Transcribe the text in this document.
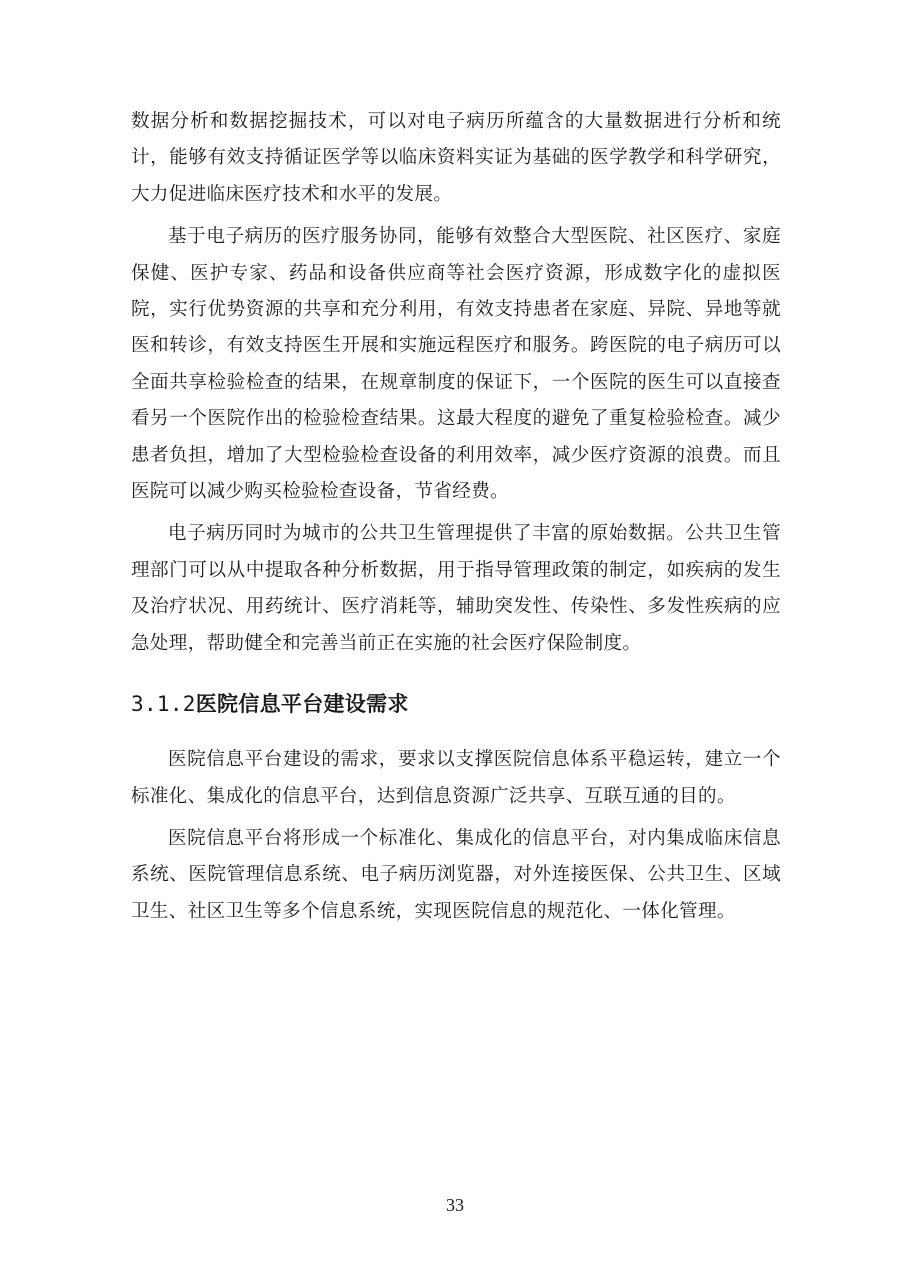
数据分析和数据挖掘技术，可以对电子病历所蕴含的大量数据进行分析和统计，能够有效支持循证医学等以临床资料实证为基础的医学教学和科学研究，大力促进临床医疗技术和水平的发展。

基于电子病历的医疗服务协同，能够有效整合大型医院、社区医疗、家庭保健、医护专家、药品和设备供应商等社会医疗资源，形成数字化的虚拟医院，实行优势资源的共享和充分利用，有效支持患者在家庭、异院、异地等就医和转诊，有效支持医生开展和实施远程医疗和服务。跨医院的电子病历可以全面共享检验检查的结果，在规章制度的保证下，一个医院的医生可以直接查看另一个医院作出的检验检查结果。这最大程度的避免了重复检验检查。减少患者负担，增加了大型检验检查设备的利用效率，减少医疗资源的浪费。而且医院可以减少购买检验检查设备，节省经费。

电子病历同时为城市的公共卫生管理提供了丰富的原始数据。公共卫生管理部门可以从中提取各种分析数据，用于指导管理政策的制定，如疾病的发生及治疗状况、用药统计、医疗消耗等，辅助突发性、传染性、多发性疾病的应急处理，帮助健全和完善当前正在实施的社会医疗保险制度。

3.1.2医院信息平台建设需求

医院信息平台建设的需求，要求以支撑医院信息体系平稳运转，建立一个标准化、集成化的信息平台，达到信息资源广泛共享、互联互通的目的。

医院信息平台将形成一个标准化、集成化的信息平台，对内集成临床信息系统、医院管理信息系统、电子病历浏览器，对外连接医保、公共卫生、区域卫生、社区卫生等多个信息系统，实现医院信息的规范化、一体化管理。

33
